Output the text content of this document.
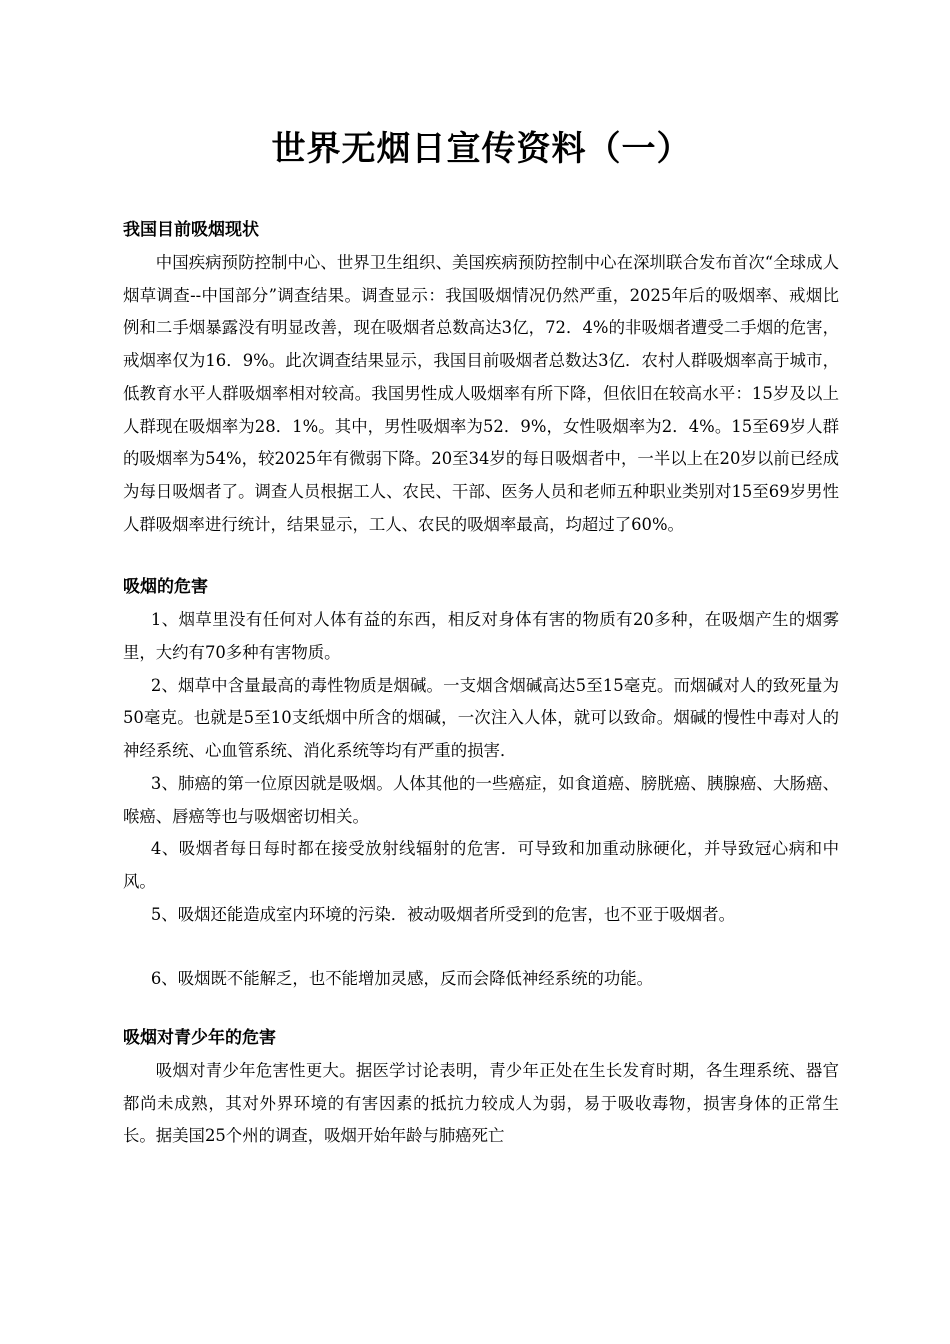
世界无烟日宣传资料（一）
我国目前吸烟现状

中国疾病预防控制中心、世界卫生组织、美国疾病预防控制中心在深圳联合发布首次“全球成人烟草调查--中国部分”调查结果。调查显示：我国吸烟情况仍然严重，2025年后的吸烟率、戒烟比例和二手烟暴露没有明显改善，现在吸烟者总数高达3亿，72．4%的非吸烟者遭受二手烟的危害，戒烟率仅为16．9%。此次调查结果显示，我国目前吸烟者总数达3亿．农村人群吸烟率高于城市，低教育水平人群吸烟率相对较高。我国男性成人吸烟率有所下降，但依旧在较高水平：15岁及以上人群现在吸烟率为28．1%。其中，男性吸烟率为52．9%，女性吸烟率为2．4%。15至69岁人群的吸烟率为54%，较2025年有微弱下降。20至34岁的每日吸烟者中，一半以上在20岁以前已经成为每日吸烟者了。调查人员根据工人、农民、干部、医务人员和老师五种职业类别对15至69岁男性人群吸烟率进行统计，结果显示，工人、农民的吸烟率最高，均超过了60%。

吸烟的危害

1、烟草里没有任何对人体有益的东西，相反对身体有害的物质有20多种，在吸烟产生的烟雾里，大约有70多种有害物质。

2、烟草中含量最高的毒性物质是烟碱。一支烟含烟碱高达5至15毫克。而烟碱对人的致死量为50毫克。也就是5至10支纸烟中所含的烟碱，一次注入人体，就可以致命。烟碱的慢性中毒对人的神经系统、心血管系统、消化系统等均有严重的损害．

3、肺癌的第一位原因就是吸烟。人体其他的一些癌症，如食道癌、膀胱癌、胰腺癌、大肠癌、喉癌、唇癌等也与吸烟密切相关。

4、吸烟者每日每时都在接受放射线辐射的危害．可导致和加重动脉硬化，并导致冠心病和中风。

5、吸烟还能造成室内环境的污染．被动吸烟者所受到的危害，也不亚于吸烟者。

6、吸烟既不能解乏，也不能增加灵感，反而会降低神经系统的功能。

吸烟对青少年的危害

吸烟对青少年危害性更大。据医学讨论表明，青少年正处在生长发育时期，各生理系统、器官都尚未成熟，其对外界环境的有害因素的抵抗力较成人为弱，易于吸收毒物，损害身体的正常生长。据美国25个州的调查，吸烟开始年龄与肺癌死亡
